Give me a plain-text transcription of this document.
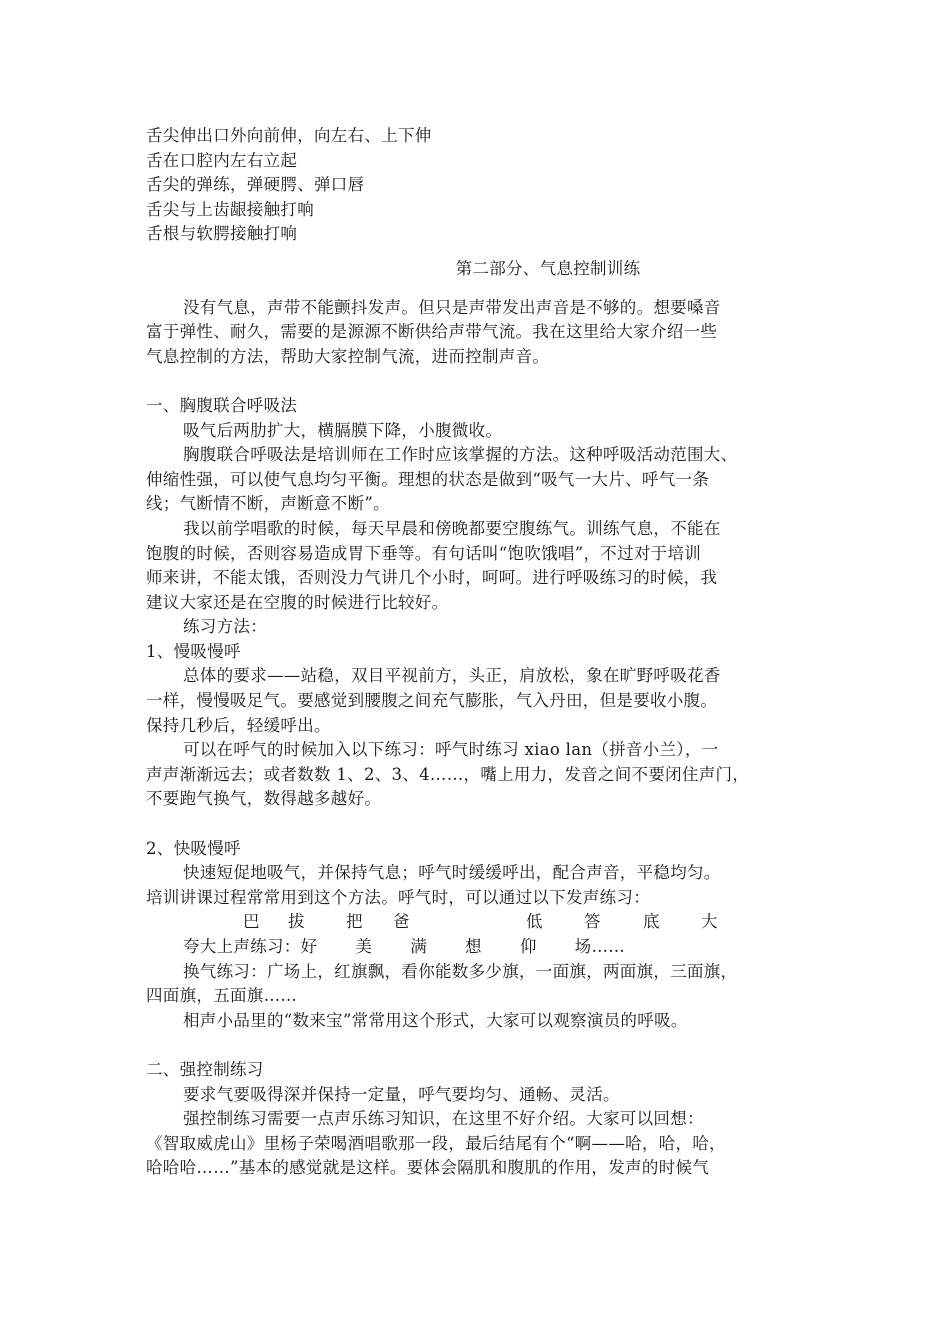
舌尖伸出口外向前伸，向左右、上下伸
舌在口腔内左右立起
舌尖的弹练，弹硬腭、弹口唇
舌尖与上齿龈接触打响
舌根与软腭接触打响
第二部分、气息控制训练
没有气息，声带不能颤抖发声。但只是声带发出声音是不够的。想要嗓音
富于弹性、耐久，需要的是源源不断供给声带气流。我在这里给大家介绍一些
气息控制的方法，帮助大家控制气流，进而控制声音。
一、胸腹联合呼吸法
吸气后两肋扩大，横膈膜下降，小腹微收。
胸腹联合呼吸法是培训师在工作时应该掌握的方法。这种呼吸活动范围大、
伸缩性强，可以使气息均匀平衡。理想的状态是做到“吸气一大片、呼气一条
线；气断情不断，声断意不断”。
我以前学唱歌的时候，每天早晨和傍晚都要空腹练气。训练气息，不能在
饱腹的时候，否则容易造成胃下垂等。有句话叫“饱吹饿唱”，不过对于培训
师来讲，不能太饿，否则没力气讲几个小时，呵呵。进行呼吸练习的时候，我
建议大家还是在空腹的时候进行比较好。
练习方法：
1、慢吸慢呼
总体的要求——站稳，双目平视前方，头正，肩放松，象在旷野呼吸花香
一样，慢慢吸足气。要感觉到腰腹之间充气膨胀，气入丹田，但是要收小腹。
保持几秒后，轻缓呼出。
可以在呼气的时候加入以下练习：呼气时练习 xiao lan（拼音小兰），一
声声渐渐远去；或者数数 1、2、3、4……，嘴上用力，发音之间不要闭住声门，
不要跑气换气，数得越多越好。
2、快吸慢呼
快速短促地吸气，并保持气息；呼气时缓缓呼出，配合声音，平稳均匀。
培训讲课过程常常用到这个方法。呼气时，可以通过以下发声练习：
巴 拔	把 爸	低	答	底	大
夸大上声练习：好 美 满 想 仰 场……
换气练习：广场上，红旗飘，看你能数多少旗，一面旗，两面旗，三面旗，
四面旗，五面旗……
相声小品里的“数来宝”常常用这个形式，大家可以观察演员的呼吸。
二、强控制练习
要求气要吸得深并保持一定量，呼气要均匀、通畅、灵活。
强控制练习需要一点声乐练习知识，在这里不好介绍。大家可以回想：
《智取威虎山》里杨子荣喝酒唱歌那一段，最后结尾有个“啊——哈，哈，哈，
哈哈哈……”基本的感觉就是这样。要体会隔肌和腹肌的作用，发声的时候气
